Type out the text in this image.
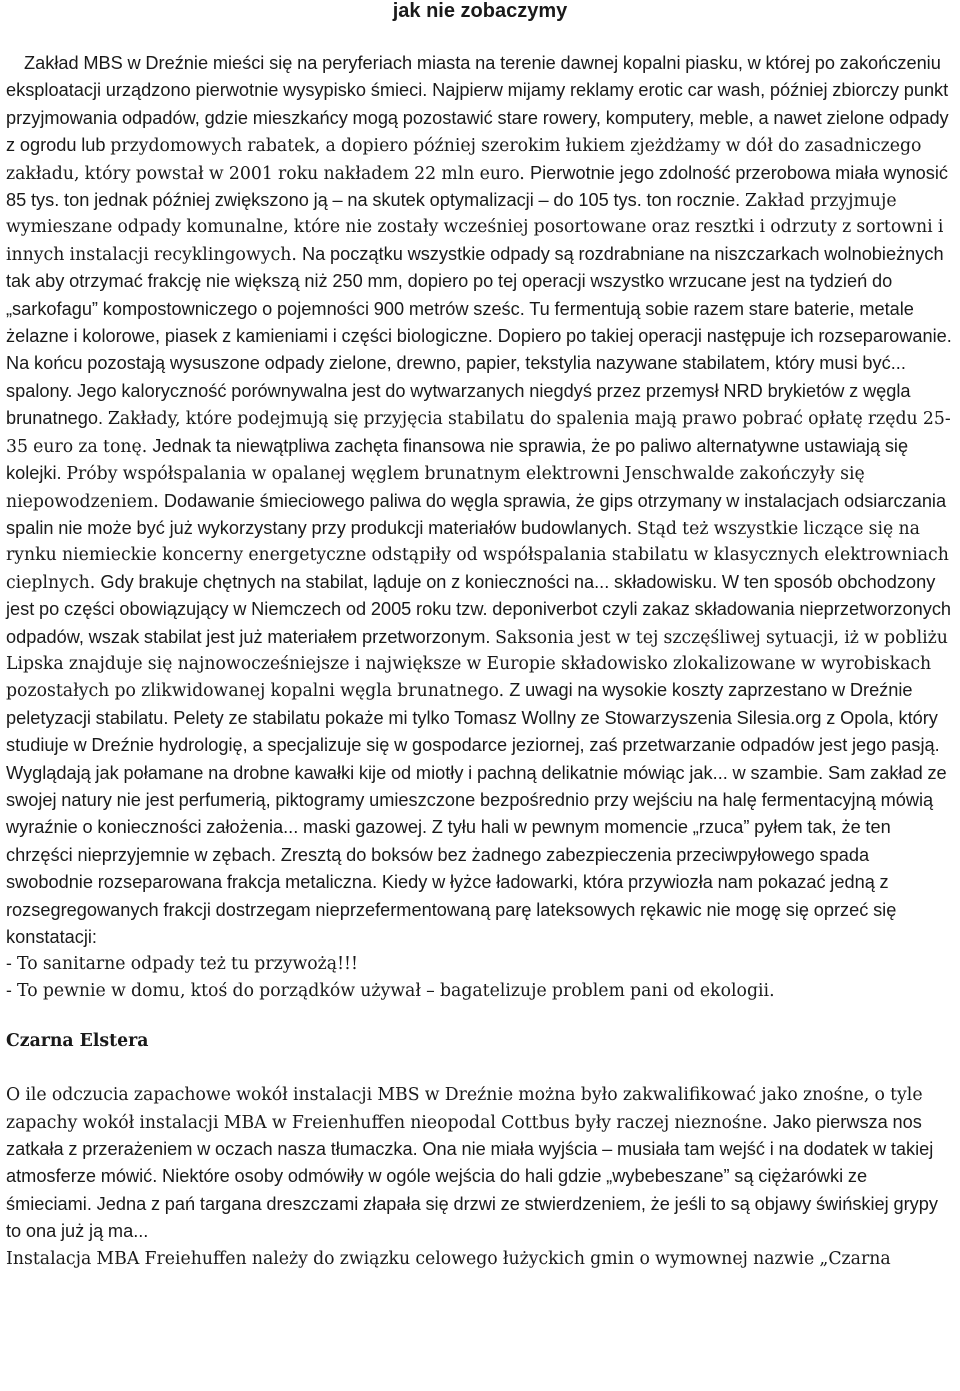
jak nie zobaczymy

Zakład MBS w Dreźnie mieści się na peryferiach miasta na terenie dawnej kopalni piasku, w której po zakończeniu eksploatacji urządzono pierwotnie wysypisko śmieci. Najpierw mijamy reklamy erotic car wash, później zbiorczy punkt przyjmowania odpadów, gdzie mieszkańcy mogą pozostawić stare rowery, komputery, meble, a nawet zielone odpady z ogrodu lub przydomowych rabatek, a dopiero później szerokim łukiem zjeżdżamy w dół do zasadniczego zakładu, który powstał w 2001 roku nakładem 22 mln euro. Pierwotnie jego zdolność przerobowa miała wynosić 85 tys. ton jednak później zwiększono ją – na skutek optymalizacji – do 105 tys. ton rocznie. Zakład przyjmuje wymieszane odpady komunalne, które nie zostały wcześniej posortowane oraz resztki i odrzuty z sortowni i innych instalacji recyklingowych. Na początku wszystkie odpady są rozdrabniane na niszczarkach wolnobieżnych tak aby otrzymać frakcję nie większą niż 250 mm, dopiero po tej operacji wszystko wrzucane jest na tydzień do „sarkofagu” kompostowniczego o pojemności 900 metrów sześc. Tu fermentują sobie razem stare baterie, metale żelazne i kolorowe, piasek z kamieniami i części biologiczne. Dopiero po takiej operacji następuje ich rozseparowanie. Na końcu pozostają wysuszone odpady zielone, drewno, papier, tekstylia nazywane stabilatem, który musi być... spalony. Jego kaloryczność porównywalna jest do wytwarzanych niegdyś przez przemysł NRD brykietów z węgla brunatnego. Zakłady, które podejmują się przyjęcia stabilatu do spalenia mają prawo pobrać opłatę rzędu 25-35 euro za tonę. Jednak ta niewątpliwa zachęta finansowa nie sprawia, że po paliwo alternatywne ustawiają się kolejki. Próby współspalania w opalanej węglem brunatnym elektrowni Jenschwalde zakończyły się niepowodzeniem. Dodawanie śmieciowego paliwa do węgla sprawia, że gips otrzymany w instalacjach odsiarczania spalin nie może być już wykorzystany przy produkcji materiałów budowlanych. Stąd też wszystkie liczące się na rynku niemieckie koncerny energetyczne odstąpiły od współspalania stabilatu w klasycznych elektrowniach cieplnych. Gdy brakuje chętnych na stabilat, ląduje on z konieczności na... składowisku. W ten sposób obchodzony jest po części obowiązujący w Niemczech od 2005 roku tzw. deponiverbot czyli zakaz składowania nieprzetworzonych odpadów, wszak stabilat jest już materiałem przetworzonym. Saksonia jest w tej szczęśliwej sytuacji, iż w pobliżu Lipska znajduje się najnowocześniejsze i największe w Europie składowisko zlokalizowane w wyrobiskach pozostałych po zlikwidowanej kopalni węgla brunatnego. Z uwagi na wysokie koszty zaprzestano w Dreźnie peletyzacji stabilatu. Pelety ze stabilatu pokaże mi tylko Tomasz Wollny ze Stowarzyszenia Silesia.org z Opola, który studiuje w Dreźnie hydrologię, a specjalizuje się w gospodarce jeziornej, zaś przetwarzanie odpadów jest jego pasją. Wyglądają jak połamane na drobne kawałki kije od miotły i pachną delikatnie mówiąc jak... w szambie. Sam zakład ze swojej natury nie jest perfumerią, piktogramy umieszczone bezpośrednio przy wejściu na halę fermentacyjną mówią wyraźnie o konieczności założenia... maski gazowej. Z tyłu hali w pewnym momencie „rzuca” pyłem tak, że ten chrzęści nieprzyjemnie w zębach. Zresztą do boksów bez żadnego zabezpieczenia przeciwpyłowego spada swobodnie rozseparowana frakcja metaliczna. Kiedy w łyżce ładowarki, która przywiozła nam pokazać jedną z rozsegregowanych frakcji dostrzegam nieprzefermentowaną parę lateksowych rękawic nie mogę się oprzeć się konstatacji:

- To sanitarne odpady też tu przywożą!!!

- To pewnie w domu, ktoś do porządków używał – bagatelizuje problem pani od ekologii.

Czarna Elstera

O ile odczucia zapachowe wokół instalacji MBS w Dreźnie można było zakwalifikować jako znośne, o tyle zapachy wokół instalacji MBA w Freienhuffen nieopodal Cottbus były raczej nieznośne. Jako pierwsza nos zatkała z przerażeniem w oczach nasza tłumaczka. Ona nie miała wyjścia – musiała tam wejść i na dodatek w takiej atmosferze mówić. Niektóre osoby odmówiły w ogóle wejścia do hali gdzie „wybebeszane” są ciężarówki ze śmieciami. Jedna z pań targana dreszczami złapała się drzwi ze stwierdzeniem, że jeśli to są objawy świńskiej grypy to ona już ją ma...

Instalacja MBA Freiehuffen należy do związku celowego łużyckich gmin o wymownej nazwie „Czarna
